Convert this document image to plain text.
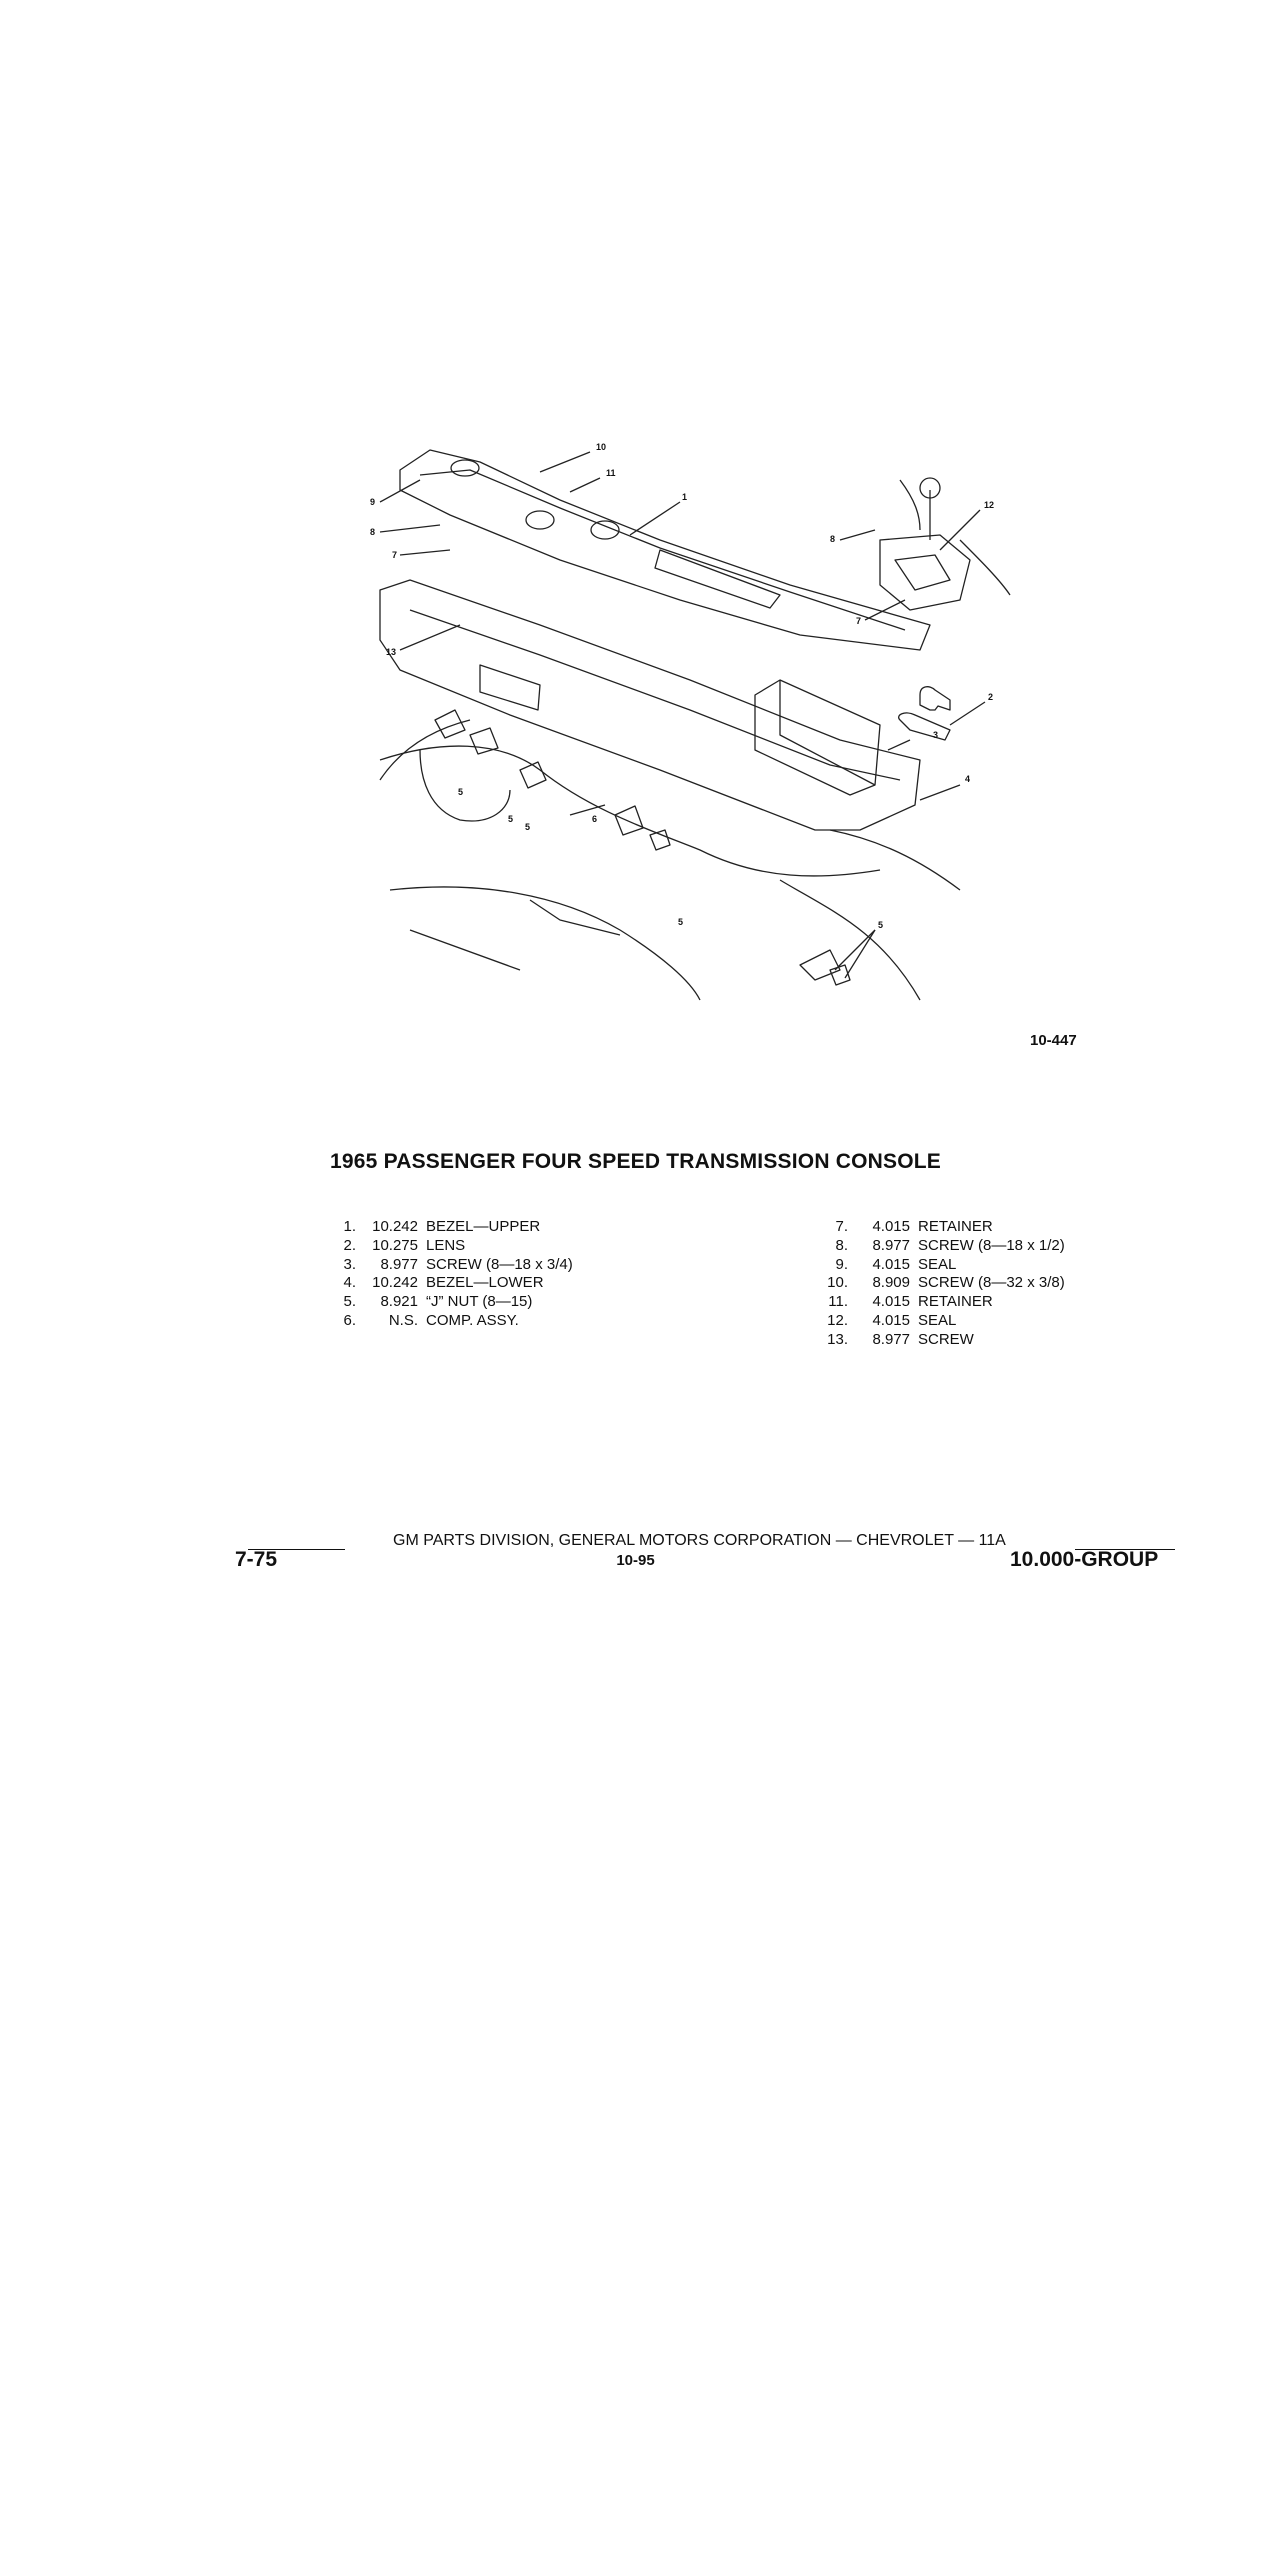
10
11
9
8
7
1
13
8
12
7
2
3
4
5
5
5
6
5
5
10-447
1965 PASSENGER FOUR SPEED TRANSMISSION CONSOLE
1.	10.242 BEZEL—UPPER
2.	10.275 LENS
3.	8.977 SCREW (8—18 x 3/4)
4.	10.242 BEZEL—LOWER
5.	8.921 “J” NUT (8—15)
6.	N.S. COMP. ASSY.
7.	4.015 RETAINER
8.	8.977 SCREW (8—18 x 1/2)
9.	4.015 SEAL
10.	8.909 SCREW (8—32 x 3/8)
11.	4.015 RETAINER
12.	4.015 SEAL
13.	8.977 SCREW
GM PARTS DIVISION, GENERAL MOTORS CORPORATION — CHEVROLET — 11A
10-95
7-75	10.000-GROUP
